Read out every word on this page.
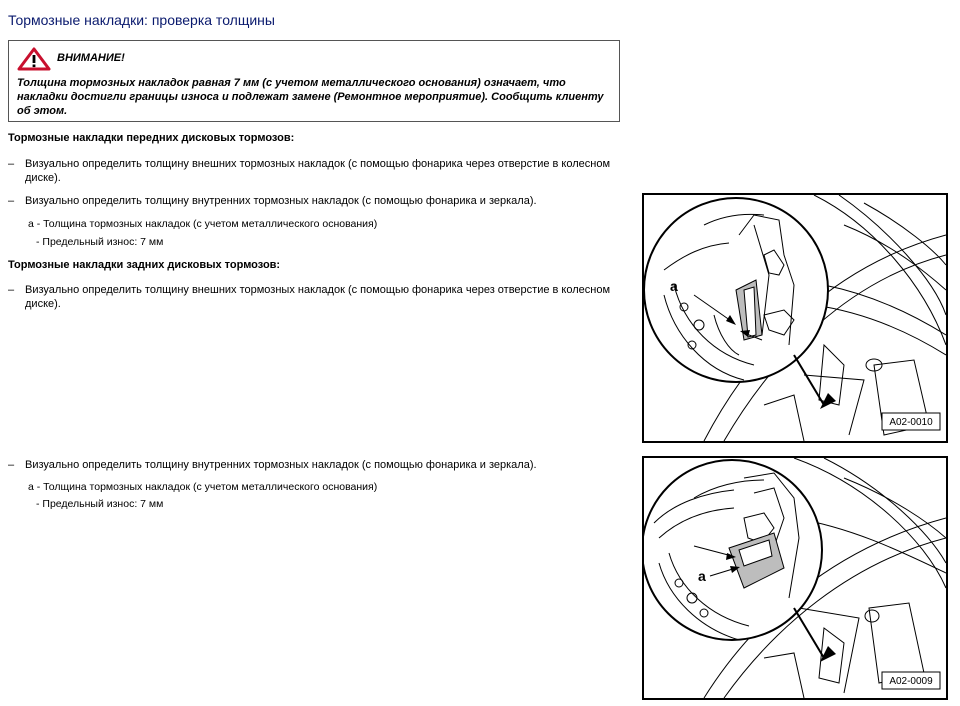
Тормозные накладки: проверка толщины
ВНИМАНИЕ!
Толщина тормозных накладок равная 7 мм (с учетом металлического основания) означает, что накладки достигли границы износа и подлежат замене (Ремонтное мероприятие). Сообщить клиенту об этом.
Тормозные накладки передних дисковых тормозов:
– Визуально определить толщину внешних тормозных накладок (с помощью фонарика через отверстие в колесном диске).
– Визуально определить толщину внутренних тормозных накладок (с помощью фонарика и зеркала).
a - Толщина тормозных накладок (с учетом металлического основания)
- Предельный износ: 7 мм
Тормозные накладки задних дисковых тормозов:
– Визуально определить толщину внешних тормозных накладок (с помощью фонарика через отверстие в колесном диске).
– Визуально определить толщину внутренних тормозных накладок (с помощью фонарика и зеркала).
a - Толщина тормозных накладок (с учетом металлического основания)
- Предельный износ: 7 мм
A02-0010
a
A02-0009
a
